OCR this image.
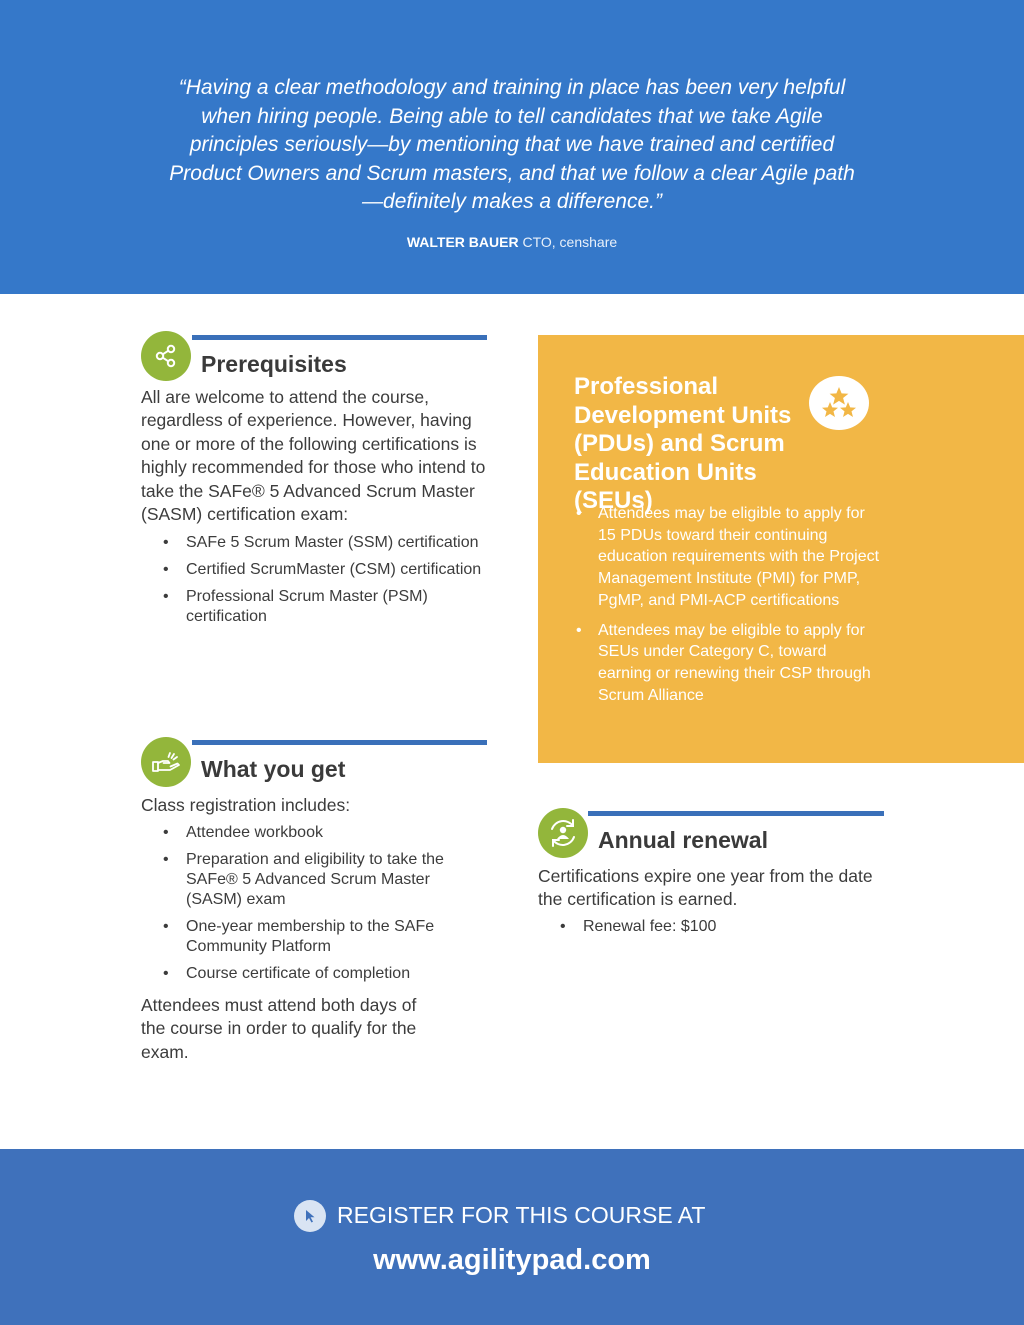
“Having a clear methodology and training in place has been very helpful when hiring people. Being able to tell candidates that we take Agile principles seriously—by mentioning that we have trained and certified Product Owners and Scrum masters, and that we follow a clear Agile path—definitely makes a difference.”

WALTER BAUER CTO, censhare

Prerequisites

All are welcome to attend the course, regardless of experience. However, having one or more of the following certifications is highly recommended for those who intend to take the SAFe® 5 Advanced Scrum Master (SASM) certification exam:

• SAFe 5 Scrum Master (SSM) certification
• Certified ScrumMaster (CSM) certification
• Professional Scrum Master (PSM) certification
What you get

Class registration includes:

• Attendee workbook
• Preparation and eligibility to take the SAFe® 5 Advanced Scrum Master (SASM) exam
• One-year membership to the SAFe Community Platform
• Course certificate of completion

Attendees must attend both days of the course in order to qualify for the exam.

Professional Development Units (PDUs) and Scrum Education Units (SEUs)
• Attendees may be eligible to apply for 15 PDUs toward their continuing education requirements with the Project Management Institute (PMI) for PMP, PgMP, and PMI-ACP certifications
• Attendees may be eligible to apply for SEUs under Category C, toward earning or renewing their CSP through Scrum Alliance
Annual renewal

Certifications expire one year from the date the certification is earned.

• Renewal fee: $100
REGISTER FOR THIS COURSE AT
www.agilitypad.com
